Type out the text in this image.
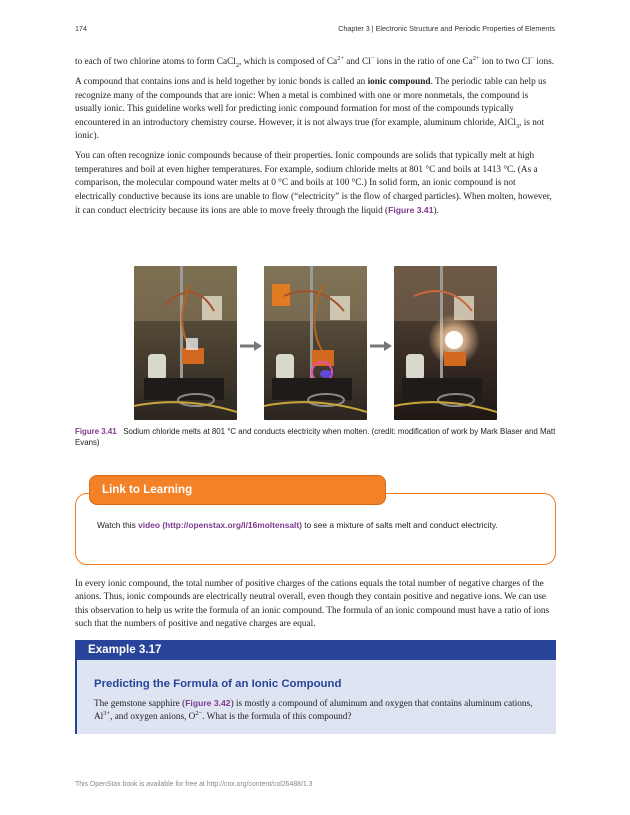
174	Chapter 3 | Electronic Structure and Periodic Properties of Elements

to each of two chlorine atoms to form CaCl$_2$, which is composed of $Ca^{2+}$ and Cl− ions in the ratio of one $Ca^{2+}$ ion to two Cl− ions.

A compound that contains ions and is held together by ionic bonds is called an ionic compound. The periodic table can help us recognize many of the compounds that are ionic: When a metal is combined with one or more nonmetals, the compound is usually ionic. This guideline works well for predicting ionic compound formation for most of the compounds typically encountered in an introductory chemistry course. However, it is not always true (for example, aluminum chloride, AlCl$_3$, is not ionic).

You can often recognize ionic compounds because of their properties. Ionic compounds are solids that typically melt at high temperatures and boil at even higher temperatures. For example, sodium chloride melts at 801 °C and boils at 1413 °C. (As a comparison, the molecular compound water melts at 0 °C and boils at 100 °C.) In solid form, an ionic compound is not electrically conductive because its ions are unable to flow (“electricity” is the flow of charged particles). When molten, however, it can conduct electricity because its ions are able to move freely through the liquid (Figure 3.41).

Figure 3.41 Sodium chloride melts at 801 °C and conducts electricity when molten. (credit: modification of work by Mark Blaser and Matt Evans)
Link to Learning
Watch this video (http://openstax.org/l/16moltensalt) to see a mixture of salts melt and conduct electricity.

In every ionic compound, the total number of positive charges of the cations equals the total number of negative charges of the anions. Thus, ionic compounds are electrically neutral overall, even though they contain positive and negative ions. We can use this observation to help us write the formula of an ionic compound. The formula of an ionic compound must have a ratio of ions such that the numbers of positive and negative charges are equal.

Example 3.17
Predicting the Formula of an Ionic Compound
The gemstone sapphire (Figure 3.42) is mostly a compound of aluminum and oxygen that contains aluminum cations, $Al^{3+}$, and oxygen anions, $O^{2-}$. What is the formula of this compound?
This OpenStax book is available for free at http://cnx.org/content/col26488/1.3
